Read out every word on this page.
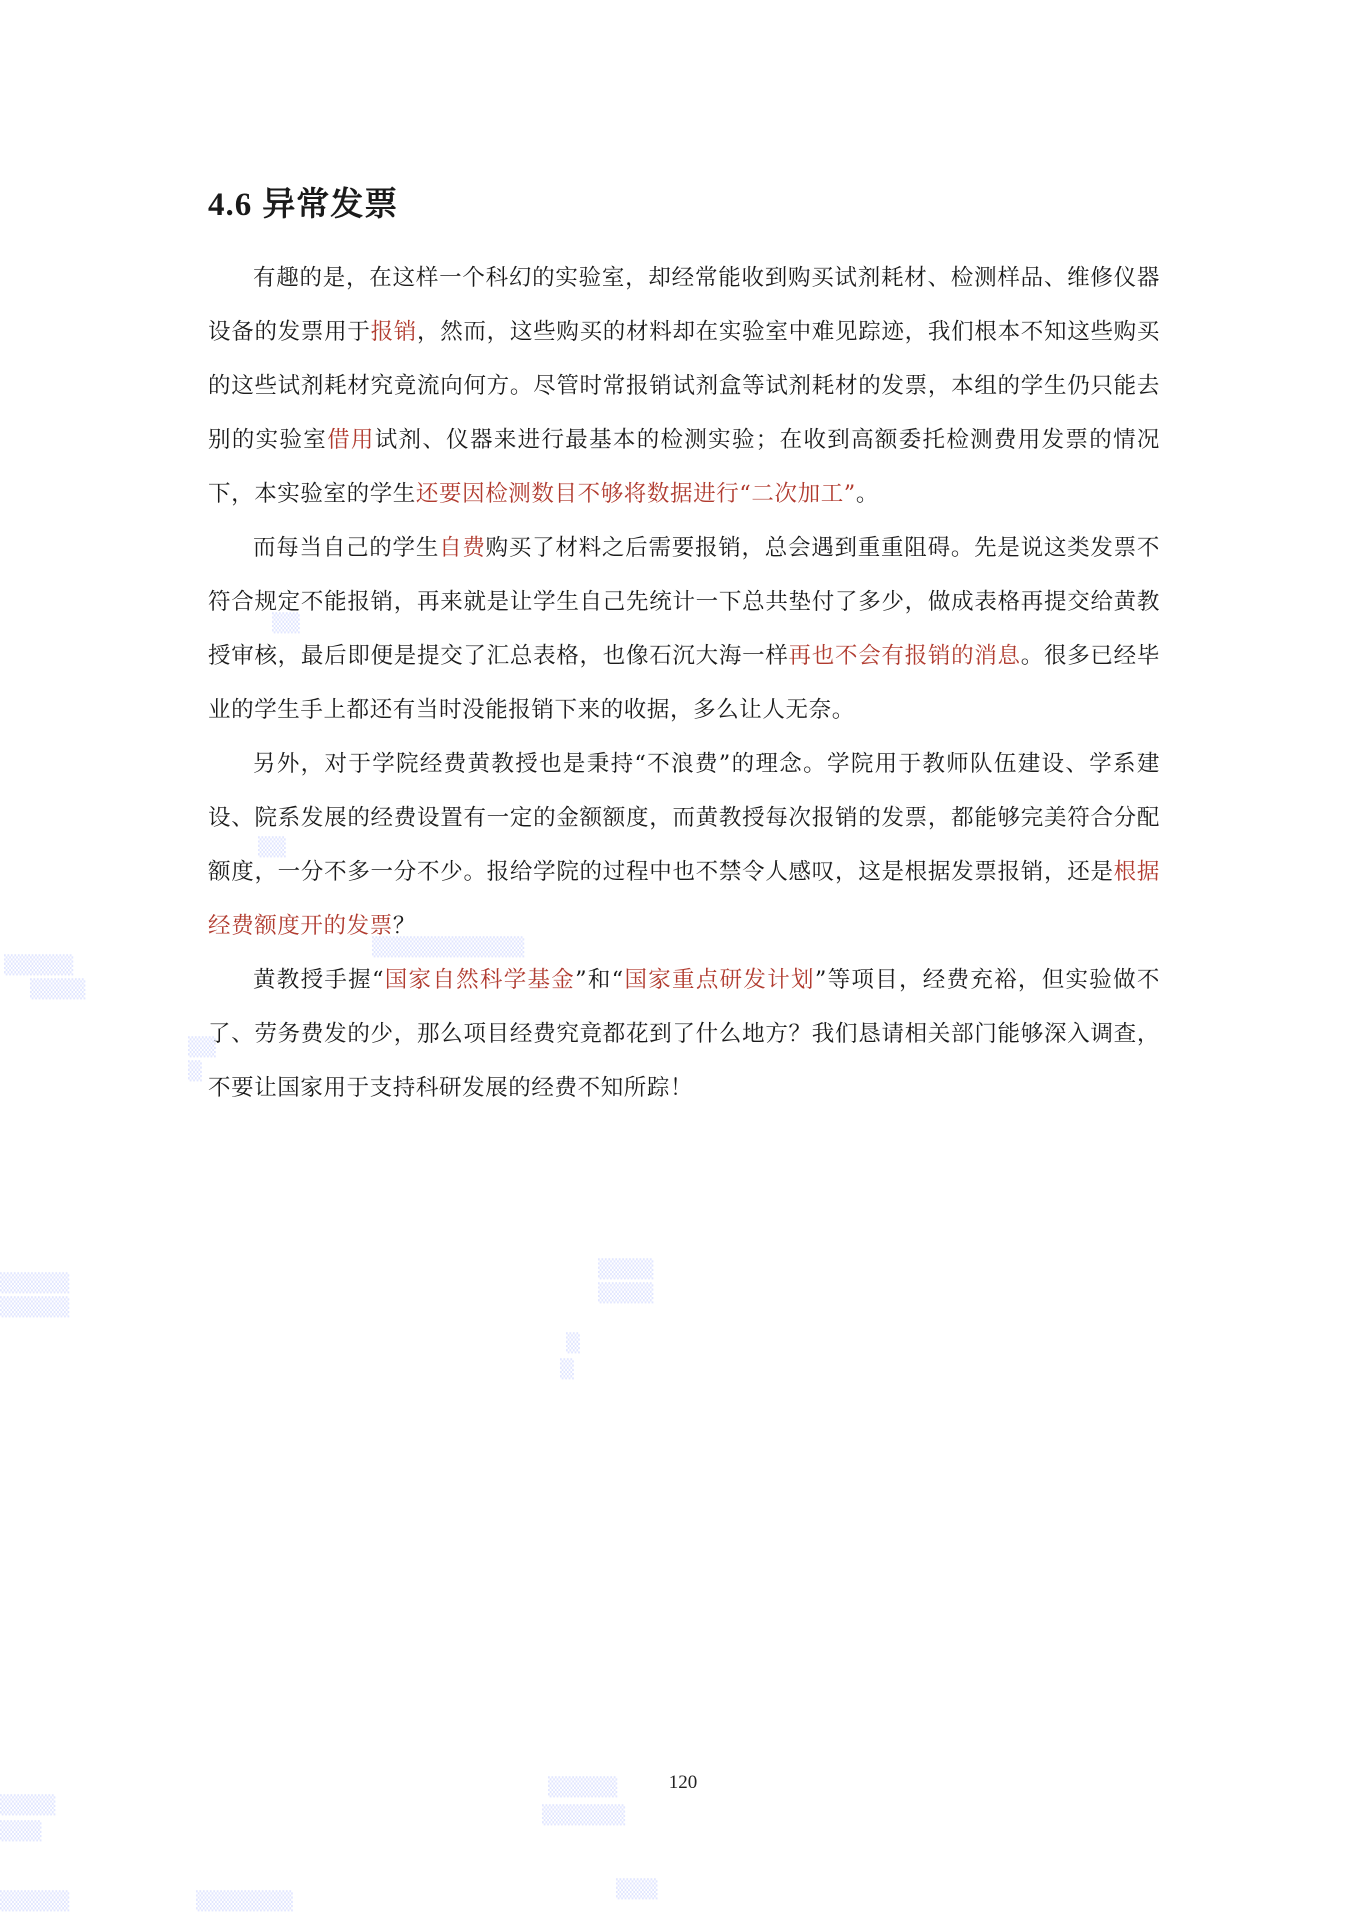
▒▒
▒▒
▒▒▒▒▒▒▒▒▒▒▒
▒▒▒▒▒
▒▒▒▒
▒▒
▒
▒▒▒▒▒
▒▒▒▒▒
▒▒▒▒
▒▒▒▒
▒
▒
▒▒▒▒▒
▒▒▒▒▒▒
▒▒▒▒
▒▒▒
▒▒▒▒▒	▒▒▒▒▒▒▒
▒▒▒
4.6 异常发票

有趣的是，在这样一个科幻的实验室，却经常能收到购买试剂耗材、检测样品、维修仪器设备的发票用于报销，然而，这些购买的材料却在实验室中难见踪迹，我们根本不知这些购买的这些试剂耗材究竟流向何方。尽管时常报销试剂盒等试剂耗材的发票，本组的学生仍只能去别的实验室借用试剂、仪器来进行最基本的检测实验；在收到高额委托检测费用发票的情况下，本实验室的学生还要因检测数目不够将数据进行“二次加工”。

而每当自己的学生自费购买了材料之后需要报销，总会遇到重重阻碍。先是说这类发票不符合规定不能报销，再来就是让学生自己先统计一下总共垫付了多少，做成表格再提交给黄教授审核，最后即便是提交了汇总表格，也像石沉大海一样再也不会有报销的消息。很多已经毕业的学生手上都还有当时没能报销下来的收据，多么让人无奈。

另外，对于学院经费黄教授也是秉持“不浪费”的理念。学院用于教师队伍建设、学系建设、院系发展的经费设置有一定的金额额度，而黄教授每次报销的发票，都能够完美符合分配额度，一分不多一分不少。报给学院的过程中也不禁令人感叹，这是根据发票报销，还是根据经费额度开的发票？

黄教授手握“国家自然科学基金”和“国家重点研发计划”等项目，经费充裕，但实验做不了、劳务费发的少，那么项目经费究竟都花到了什么地方？我们恳请相关部门能够深入调查，不要让国家用于支持科研发展的经费不知所踪！

120
